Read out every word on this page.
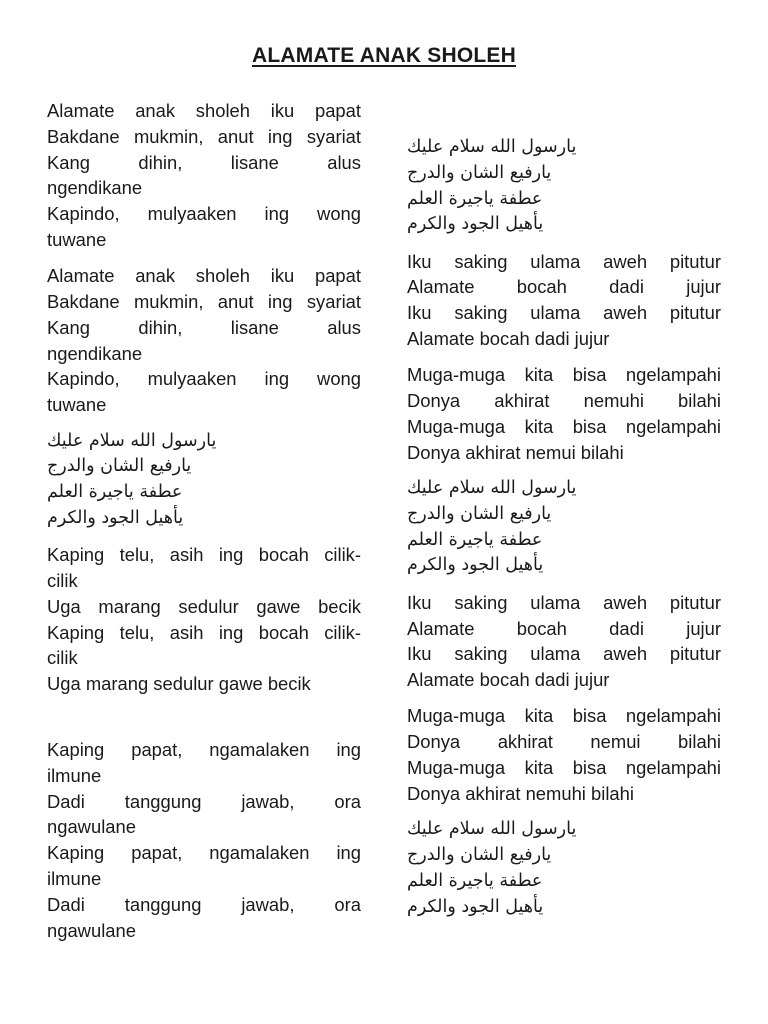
ALAMATE ANAK SHOLEH
Alamate anak sholeh iku papat
Bakdane mukmin, anut ing syariat
Kang dihin, lisane alus
ngendikane
Kapindo, mulyaaken ing wong
tuwane
Alamate anak sholeh iku papat
Bakdane mukmin, anut ing syariat
Kang dihin, lisane alus
ngendikane
Kapindo, mulyaaken ing wong
tuwane
يارسول الله سلام عليك
يارفيع الشان والدرج
عطفة ياجيرة العلم
يأهيل الجود والكرم
Kaping telu, asih ing bocah cilik-
cilik
Uga marang sedulur gawe becik
Kaping telu, asih ing bocah cilik-
cilik
Uga marang sedulur gawe becik
Kaping papat, ngamalaken ing
ilmune
Dadi tanggung jawab, ora
ngawulane
Kaping papat, ngamalaken ing
ilmune
Dadi tanggung jawab, ora
ngawulane
يارسول الله سلام عليك
يارفيع الشان والدرج
عطفة ياجيرة العلم
يأهيل الجود والكرم
Iku saking ulama aweh pitutur
Alamate bocah dadi jujur
Iku saking ulama aweh pitutur
Alamate bocah dadi jujur
Muga-muga kita bisa ngelampahi
Donya akhirat nemuhi bilahi
Muga-muga kita bisa ngelampahi
Donya akhirat nemui bilahi
يارسول الله سلام عليك
يارفيع الشان والدرج
عطفة ياجيرة العلم
يأهيل الجود والكرم
Iku saking ulama aweh pitutur
Alamate bocah dadi jujur
Iku saking ulama aweh pitutur
Alamate bocah dadi jujur
Muga-muga kita bisa ngelampahi
Donya akhirat nemui bilahi
Muga-muga kita bisa ngelampahi
Donya akhirat nemuhi bilahi
يارسول الله سلام عليك
يارفيع الشان والدرج
عطفة ياجيرة العلم
يأهيل الجود والكرم
